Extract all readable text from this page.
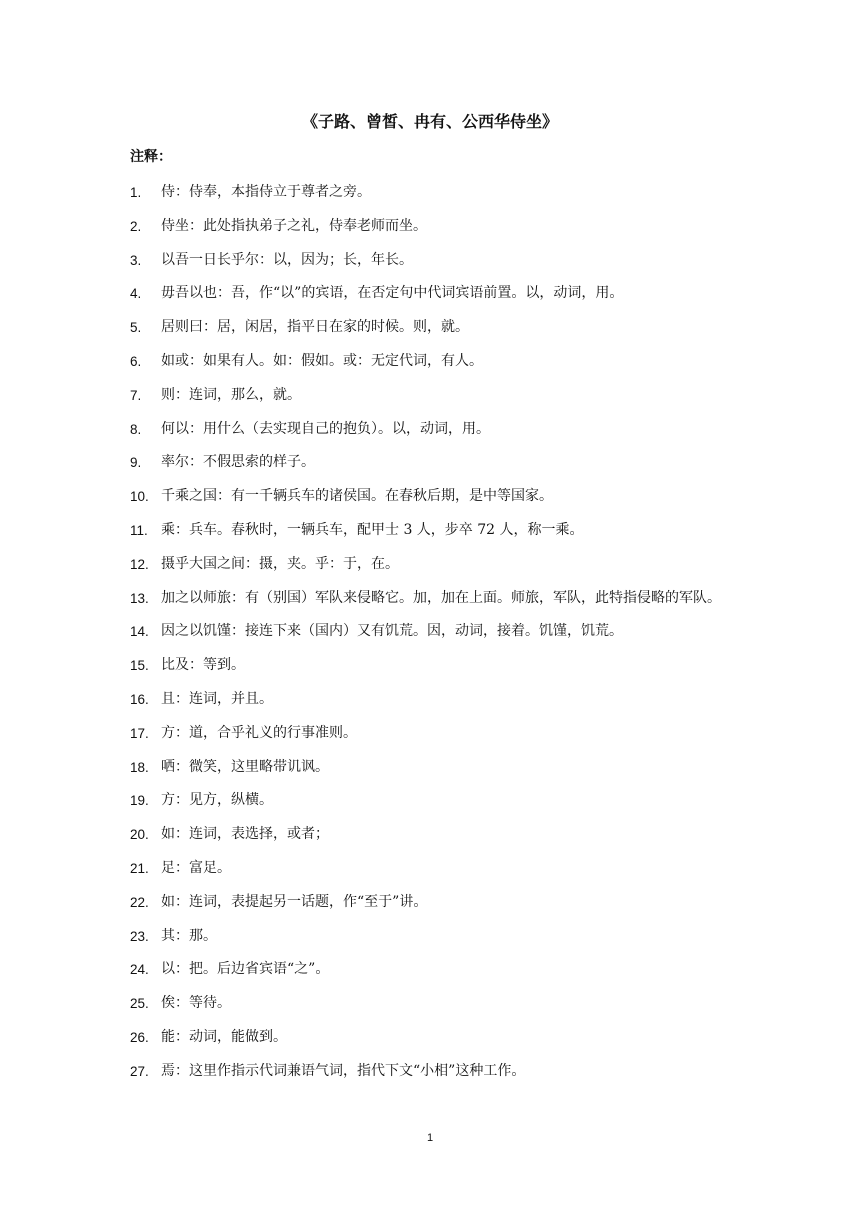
《子路、曾皙、冉有、公西华侍坐》
注释：
1.	侍：侍奉，本指侍立于尊者之旁。
2.	侍坐：此处指执弟子之礼，侍奉老师而坐。
3.	以吾一日长乎尔：以，因为；长，年长。
4.	毋吾以也：吾，作“以”的宾语，在否定句中代词宾语前置。以，动词，用。
5.	居则曰：居，闲居，指平日在家的时候。则，就。
6.	如或：如果有人。如：假如。或：无定代词，有人。
7.	则：连词，那么，就。
8.	何以：用什么（去实现自己的抱负）。以，动词，用。
9.	率尔：不假思索的样子。
10. 千乘之国：有一千辆兵车的诸侯国。在春秋后期，是中等国家。
11. 乘：兵车。春秋时，一辆兵车，配甲士 3 人，步卒 72 人，称一乘。
12. 摄乎大国之间：摄，夹。乎：于，在。
13. 加之以师旅：有（别国）军队来侵略它。加，加在上面。师旅，军队，此特指侵略的军队。
14. 因之以饥馑：接连下来（国内）又有饥荒。因，动词，接着。饥馑，饥荒。
15. 比及：等到。
16. 且：连词，并且。
17. 方：道，合乎礼义的行事准则。
18. 哂：微笑，这里略带讥讽。
19. 方：见方，纵横。
20. 如：连词，表选择，或者；
21. 足：富足。
22. 如：连词，表提起另一话题，作“至于”讲。
23. 其：那。
24. 以：把。后边省宾语“之”。
25. 俟：等待。
26. 能：动词，能做到。
27. 焉：这里作指示代词兼语气词，指代下文“小相”这种工作。
1
